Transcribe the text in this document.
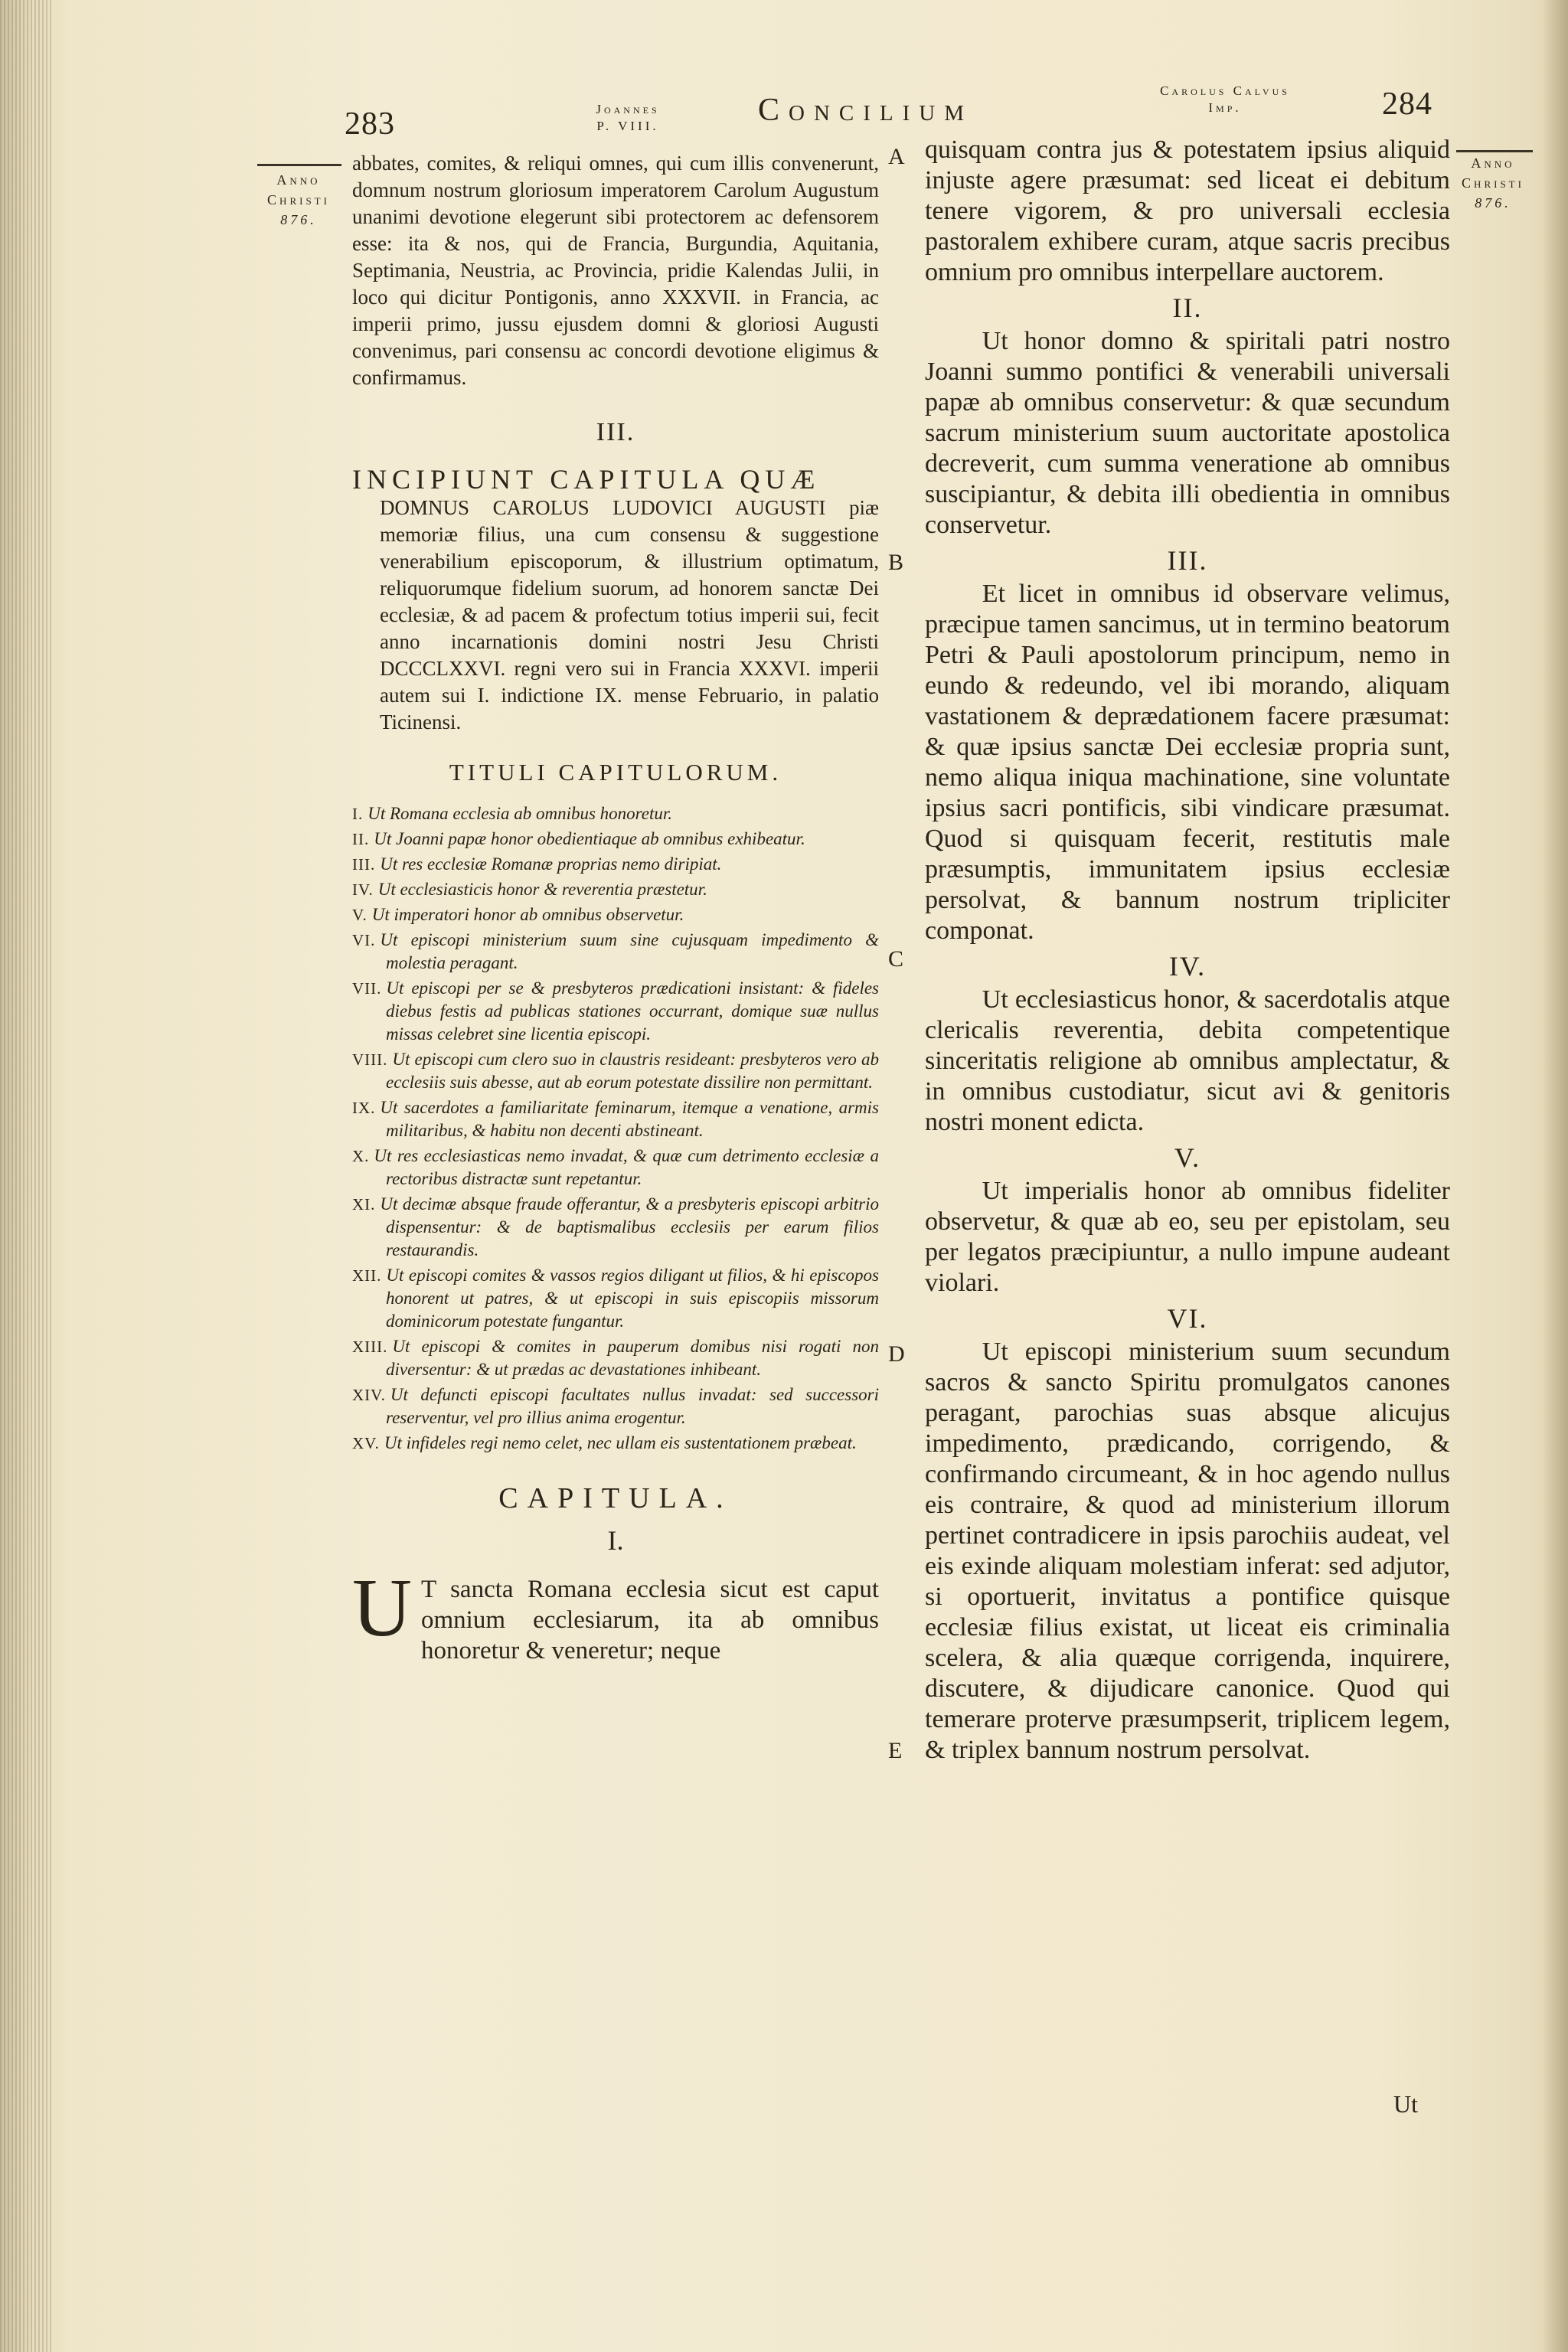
283	Joannes
P. VIII.	Concilium
Carolus Calvus
Imp.	284
Anno
Christi
876.
Anno
Christi
876.
A
B
C
D
E

abbates, comites, & reliqui omnes, qui cum illis convenerunt, domnum nostrum gloriosum imperatorem Carolum Augustum unanimi devotione elegerunt sibi protectorem ac defensorem esse: ita & nos, qui de Francia, Burgundia, Aquitania, Septimania, Neustria, ac Provincia, pridie Kalendas Julii, in loco qui dicitur Pontigonis, anno XXXVII. in Francia, ac imperii primo, jussu ejusdem domni & gloriosi Augusti convenimus, pari consensu ac concordi devotione eligimus & confirmamus.

III.
INCIPIUNT CAPITULA QUÆ

DOMNUS CAROLUS LUDOVICI AUGUSTI piæ memoriæ filius, una cum consensu & suggestione venerabilium episcoporum, & illustrium optimatum, reliquorumque fidelium suorum, ad honorem sanctæ Dei ecclesiæ, & ad pacem & profectum totius imperii sui, fecit anno incarnationis domini nostri Jesu Christi DCCCLXXVI. regni vero sui in Francia XXXVI. imperii autem sui I. indictione IX. mense Februario, in palatio Ticinensi.

TITULI CAPITULORUM.
I. Ut Romana ecclesia ab omnibus honoretur.
II. Ut Joanni papæ honor obedientiaque ab omnibus exhibeatur.
III. Ut res ecclesiæ Romanæ proprias nemo diripiat.
IV. Ut ecclesiasticis honor & reverentia præstetur.
V. Ut imperatori honor ab omnibus observetur.
VI. Ut episcopi ministerium suum sine cujusquam impedimento & molestia peragant.
VII. Ut episcopi per se & presbyteros prædicationi insistant: & fideles diebus festis ad publicas stationes occurrant, domique suæ nullus missas celebret sine licentia episcopi.
VIII. Ut episcopi cum clero suo in claustris resideant: presbyteros vero ab ecclesiis suis abesse, aut ab eorum potestate dissilire non permittant.
IX. Ut sacerdotes a familiaritate feminarum, itemque a venatione, armis militaribus, & habitu non decenti abstineant.
X. Ut res ecclesiasticas nemo invadat, & quæ cum detrimento ecclesiæ a rectoribus distractæ sunt repetantur.
XI. Ut decimæ absque fraude offerantur, & a presbyteris episcopi arbitrio dispensentur: & de baptismalibus ecclesiis per earum filios restaurandis.
XII. Ut episcopi comites & vassos regios diligant ut filios, & hi episcopos honorent ut patres, & ut episcopi in suis episcopiis missorum dominicorum potestate fungantur.
XIII. Ut episcopi & comites in pauperum domibus nisi rogati non diversentur: & ut prædas ac devastationes inhibeant.
XIV. Ut defuncti episcopi facultates nullus invadat: sed successori reserventur, vel pro illius anima erogentur.
XV. Ut infideles regi nemo celet, nec ullam eis sustentationem præbeat.
CAPITULA.
I.

U T sancta Romana ecclesia sicut est caput omnium ecclesiarum, ita ab omnibus honoretur & veneretur; neque

quisquam contra jus & potestatem ipsius aliquid injuste agere præsumat: sed liceat ei debitum tenere vigorem, & pro universali ecclesia pastoralem exhibere curam, atque sacris precibus omnium pro omnibus interpellare auctorem.

II.

Ut honor domno & spiritali patri nostro Joanni summo pontifici & venerabili universali papæ ab omnibus conservetur: & quæ secundum sacrum ministerium suum auctoritate apostolica decreverit, cum summa veneratione ab omnibus suscipiantur, & debita illi obedientia in omnibus conservetur.

III.

Et licet in omnibus id observare velimus, præcipue tamen sancimus, ut in termino beatorum Petri & Pauli apostolorum principum, nemo in eundo & redeundo, vel ibi morando, aliquam vastationem & deprædationem facere præsumat: & quæ ipsius sanctæ Dei ecclesiæ propria sunt, nemo aliqua iniqua machinatione, sine voluntate ipsius sacri pontificis, sibi vindicare præsumat. Quod si quisquam fecerit, restitutis male præsumptis, immunitatem ipsius ecclesiæ persolvat, & bannum nostrum tripliciter componat.

IV.

Ut ecclesiasticus honor, & sacerdotalis atque clericalis reverentia, debita competentique sinceritatis religione ab omnibus amplectatur, & in omnibus custodiatur, sicut avi & genitoris nostri monent edicta.

V.

Ut imperialis honor ab omnibus fideliter observetur, & quæ ab eo, seu per epistolam, seu per legatos præcipiuntur, a nullo impune audeant violari.

VI.

Ut episcopi ministerium suum secundum sacros & sancto Spiritu promulgatos canones peragant, parochias suas absque alicujus impedimento, prædicando, corrigendo, & confirmando circumeant, & in hoc agendo nullus eis contraire, & quod ad ministerium illorum pertinet contradicere in ipsis parochiis audeat, vel eis exinde aliquam molestiam inferat: sed adjutor, si oportuerit, invitatus a pontifice quisque ecclesiæ filius existat, ut liceat eis criminalia scelera, & alia quæque corrigenda, inquirere, discutere, & dijudicare canonice. Quod qui temerare proterve præsumpserit, triplicem legem, & triplex bannum nostrum persolvat.

Ut
